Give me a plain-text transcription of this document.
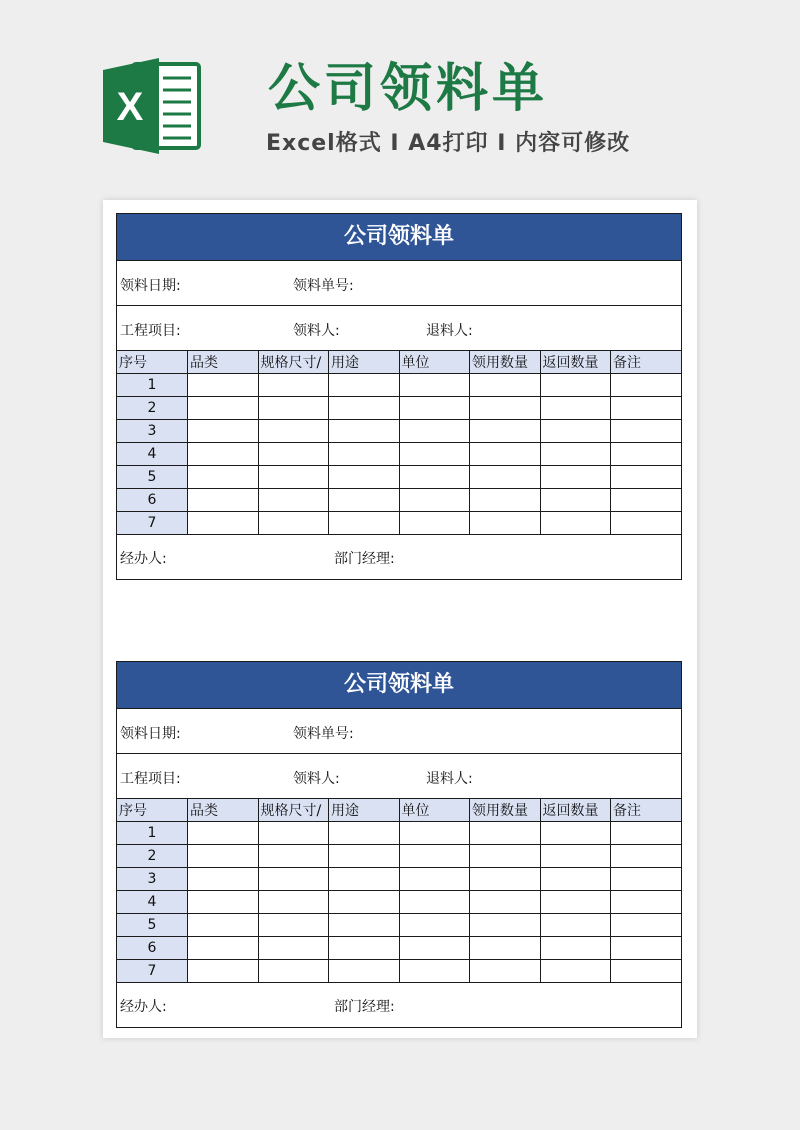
X 公司领料单
Excel格式 I A4打印 I 内容可修改
公司领料单
领料日期:	领料单号:
工程项目:	领料人:	退料人:
序号	品类	规格尺寸/	用途	单位	领用数量	返回数量	备注
1							
2							
3							
4							
5							
6							
7							
经办人:	部门经理:
公司领料单
领料日期:	领料单号:
工程项目:	领料人:	退料人:
序号	品类	规格尺寸/	用途	单位	领用数量	返回数量	备注
1							
2							
3							
4							
5							
6							
7							
经办人:	部门经理:
